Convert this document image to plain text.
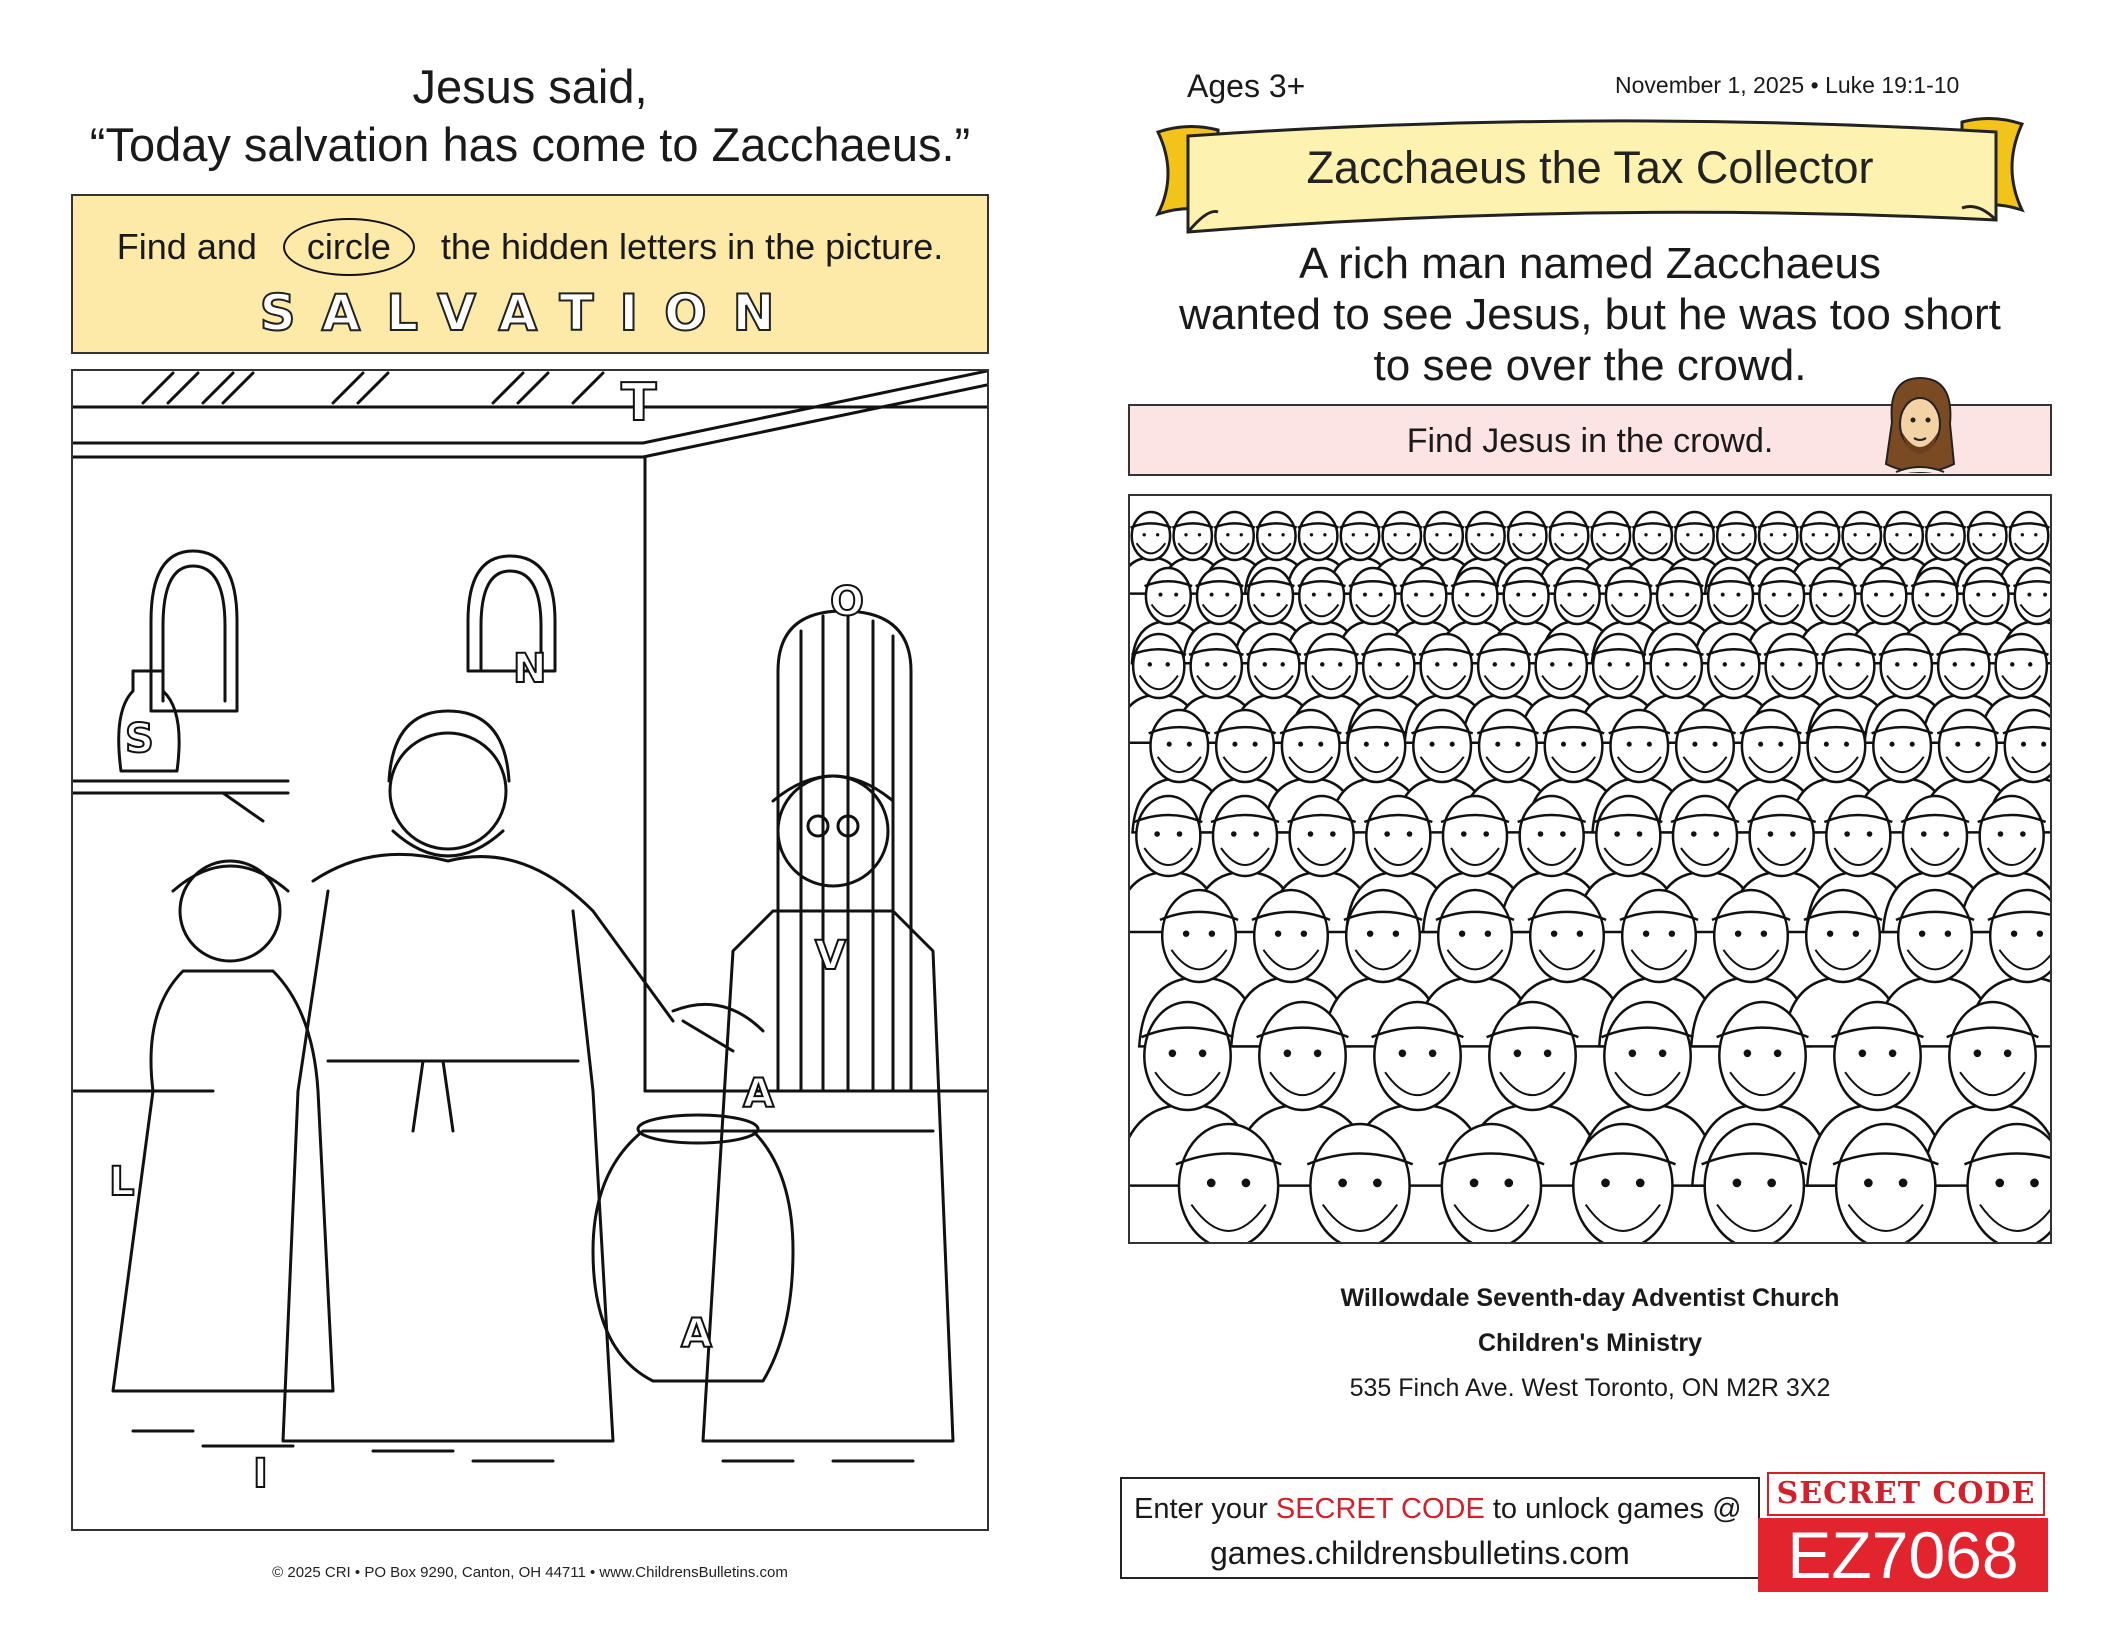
Jesus said,
“Today salvation has come to Zacchaeus.”
Find and circle the hidden letters in the picture.
SALVATION
T
O
N
S
V
A
L
A
I
© 2025 CRI • PO Box 9290, Canton, OH 44711 • www.ChildrensBulletins.com
Ages 3+	November 1, 2025 • Luke 19:1-10
Zacchaeus the Tax Collector
A rich man named Zacchaeus
wanted to see Jesus, but he was too short
to see over the crowd.
Find Jesus in the crowd.
Willowdale Seventh-day Adventist Church
Children's Ministry
535 Finch Ave. West Toronto, ON M2R 3X2
Enter your SECRET CODE to unlock games @
games.childrensbulletins.com
SECRET CODE
EZ7068
